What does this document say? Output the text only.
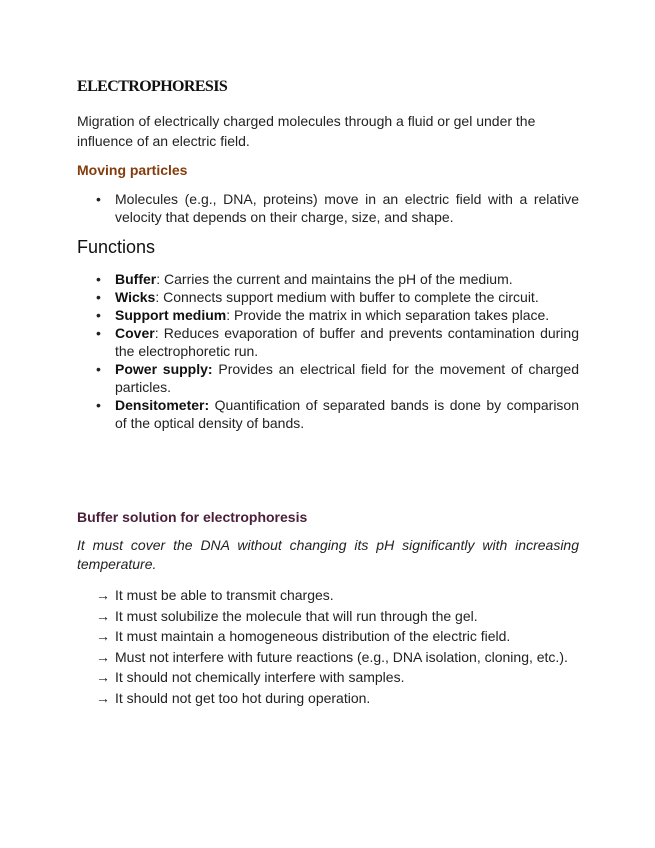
ELECTROPHORESIS

Migration of electrically charged molecules through a fluid or gel under the influence of an electric field.

Moving particles
• Molecules (e.g., DNA, proteins) move in an electric field with a relative velocity that depends on their charge, size, and shape.
Functions
• Buffer: Carries the current and maintains the pH of the medium.
• Wicks: Connects support medium with buffer to complete the circuit.
• Support medium: Provide the matrix in which separation takes place.
• Cover: Reduces evaporation of buffer and prevents contamination during the electrophoretic run.
• Power supply: Provides an electrical field for the movement of charged particles.
• Densitometer: Quantification of separated bands is done by comparison of the optical density of bands.
Buffer solution for electrophoresis

It must cover the DNA without changing its pH significantly with increasing temperature.

→ It must be able to transmit charges.
→ It must solubilize the molecule that will run through the gel.
→ It must maintain a homogeneous distribution of the electric field.
→ Must not interfere with future reactions (e.g., DNA isolation, cloning, etc.).
→ It should not chemically interfere with samples.
→ It should not get too hot during operation.
